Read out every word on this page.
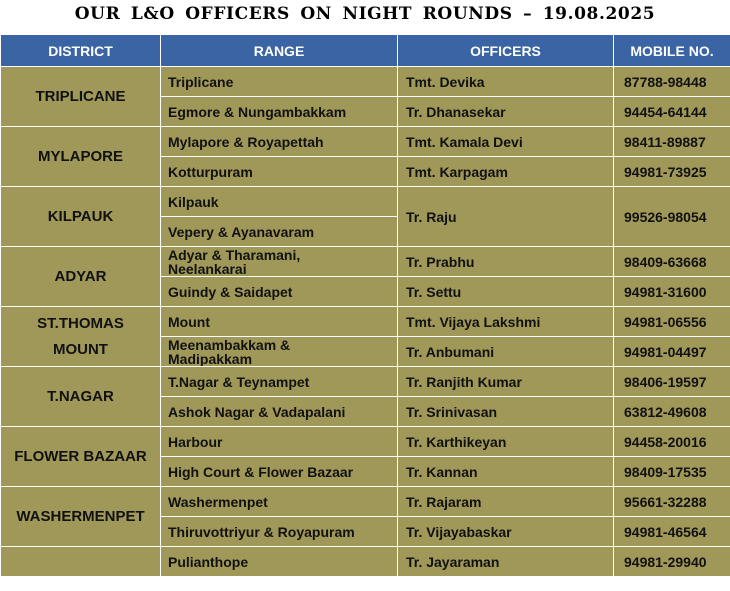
OUR L&O OFFICERS ON NIGHT ROUNDS – 19.08.2025
DISTRICT	RANGE	OFFICERS	MOBILE NO.
TRIPLICANE	Triplicane	Tmt. Devika	87788-98448
	Egmore & Nungambakkam	Tr. Dhanasekar	94454-64144
MYLAPORE	Mylapore & Royapettah	Tmt. Kamala Devi	98411-89887
	Kotturpuram	Tmt. Karpagam	94981-73925
KILPAUK	Kilpauk	Tr. Raju	99526-98054
	Vepery & Ayanavaram		
ADYAR	Adyar & Tharamani,
Neelankarai	Tr. Prabhu	98409-63668
	Guindy & Saidapet	Tr. Settu	94981-31600
ST.THOMAS
MOUNT	Mount	Tmt. Vijaya Lakshmi	94981-06556
	Meenambakkam &
Madipakkam	Tr. Anbumani	94981-04497
T.NAGAR	T.Nagar & Teynampet	Tr. Ranjith Kumar	98406-19597
	Ashok Nagar & Vadapalani	Tr. Srinivasan	63812-49608
FLOWER BAZAAR	Harbour	Tr. Karthikeyan	94458-20016
	High Court & Flower Bazaar	Tr. Kannan	98409-17535
WASHERMENPET	Washermenpet	Tr. Rajaram	95661-32288
	Thiruvottriyur & Royapuram	Tr. Vijayabaskar	94981-46564
	Pulianthope	Tr. Jayaraman	94981-29940
